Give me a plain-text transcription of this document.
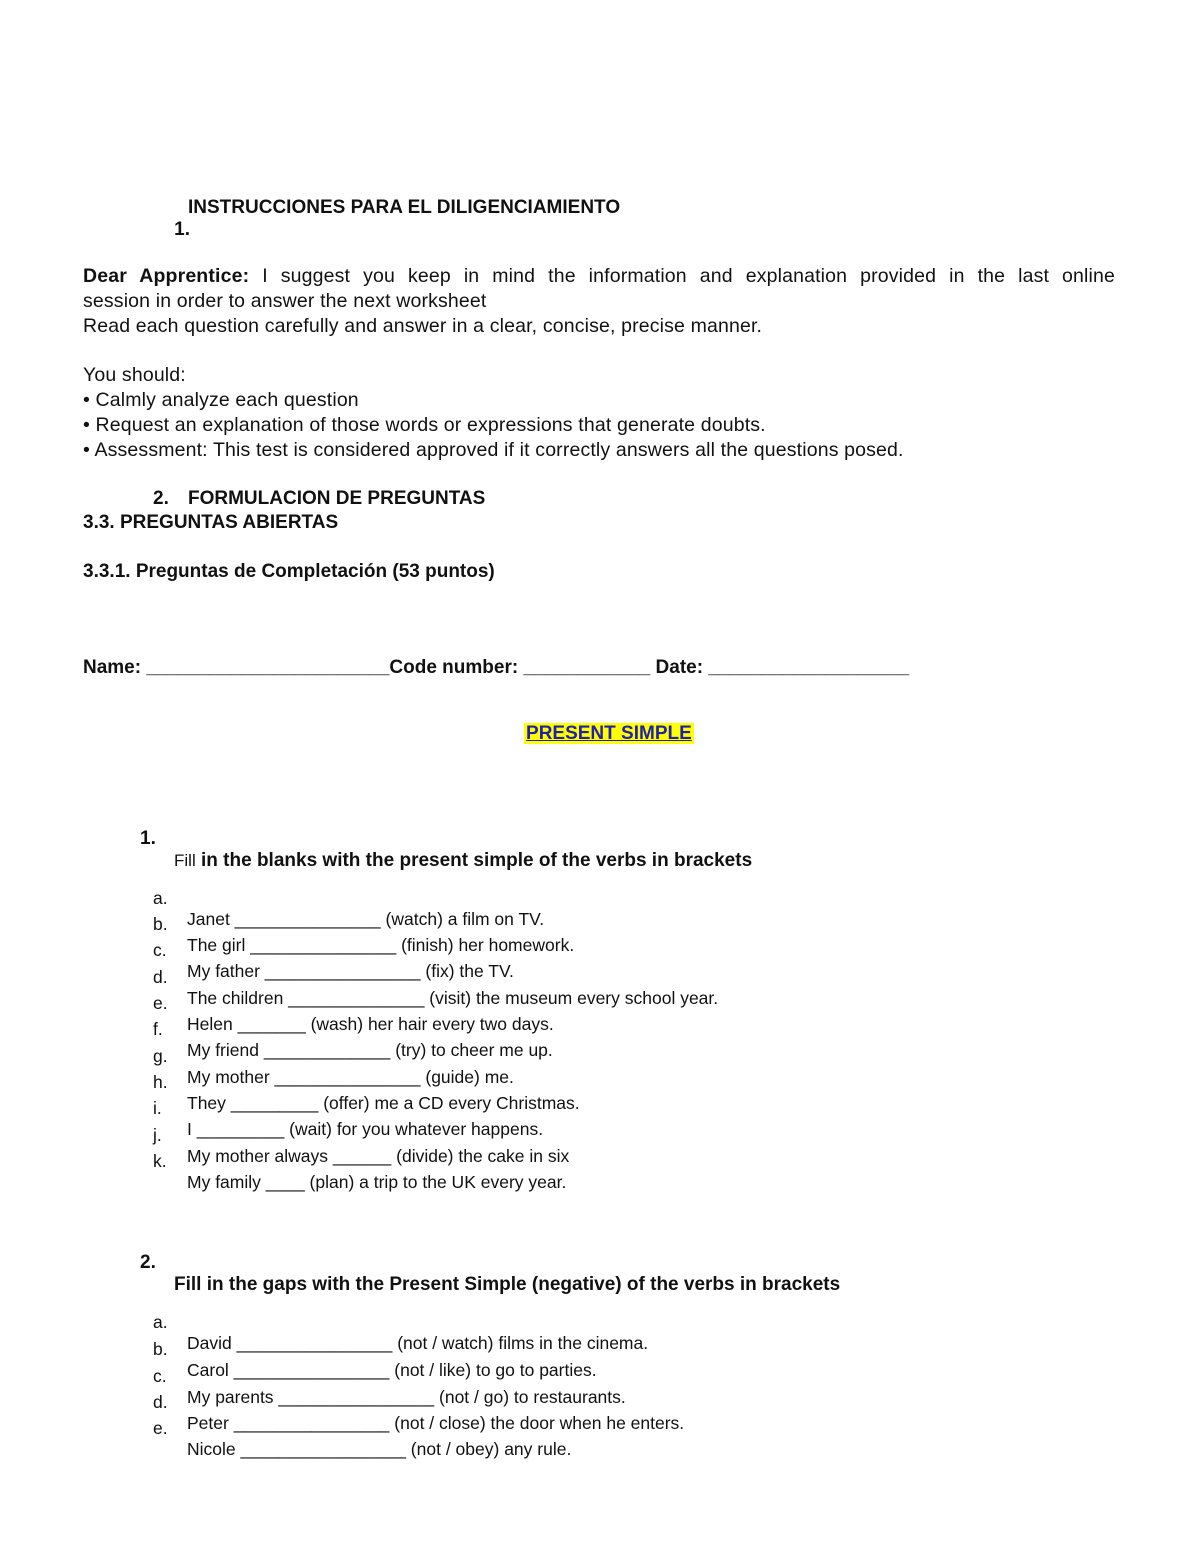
1.

INSTRUCCIONES PARA EL DILIGENCIAMIENTO
Dear Apprentice: I suggest you keep in mind the information and explanation provided in the last online
session in order to answer the next worksheet
Read each question carefully and answer in a clear, concise, precise manner.
You should:
• Calmly analyze each question
• Request an explanation of those words or expressions that generate doubts.
• Assessment: This test is considered approved if it correctly answers all the questions posed.
2. FORMULACION DE PREGUNTAS
3.3. PREGUNTAS ABIERTAS
3.3.1. Preguntas de Completación (53 puntos)
Name: _______________________Code number: ____________ Date: ___________________

PRESENT SIMPLE

1.

Fill in the blanks with the present simple of the verbs in brackets

a.

Janet _______________ (watch) a film on TV.

b.

The girl _______________ (finish) her homework.

c.

My father ________________ (fix) the TV.

d.

The children ______________ (visit) the museum every school year.

e.

Helen _______ (wash) her hair every two days.

f.

My friend _____________ (try) to cheer me up.

g.

My mother _______________ (guide) me.

h.

They _________ (offer) me a CD every Christmas.

i.

I _________ (wait) for you whatever happens.

j.

My mother always ______ (divide) the cake in six

k.

My family ____ (plan) a trip to the UK every year.

2.

Fill in the gaps with the Present Simple (negative) of the verbs in brackets

a.

David ________________ (not / watch) films in the cinema.

b.

Carol ________________ (not / like) to go to parties.

c.

My parents ________________ (not / go) to restaurants.

d.

Peter ________________ (not / close) the door when he enters.

e.

Nicole _________________ (not / obey) any rule.
